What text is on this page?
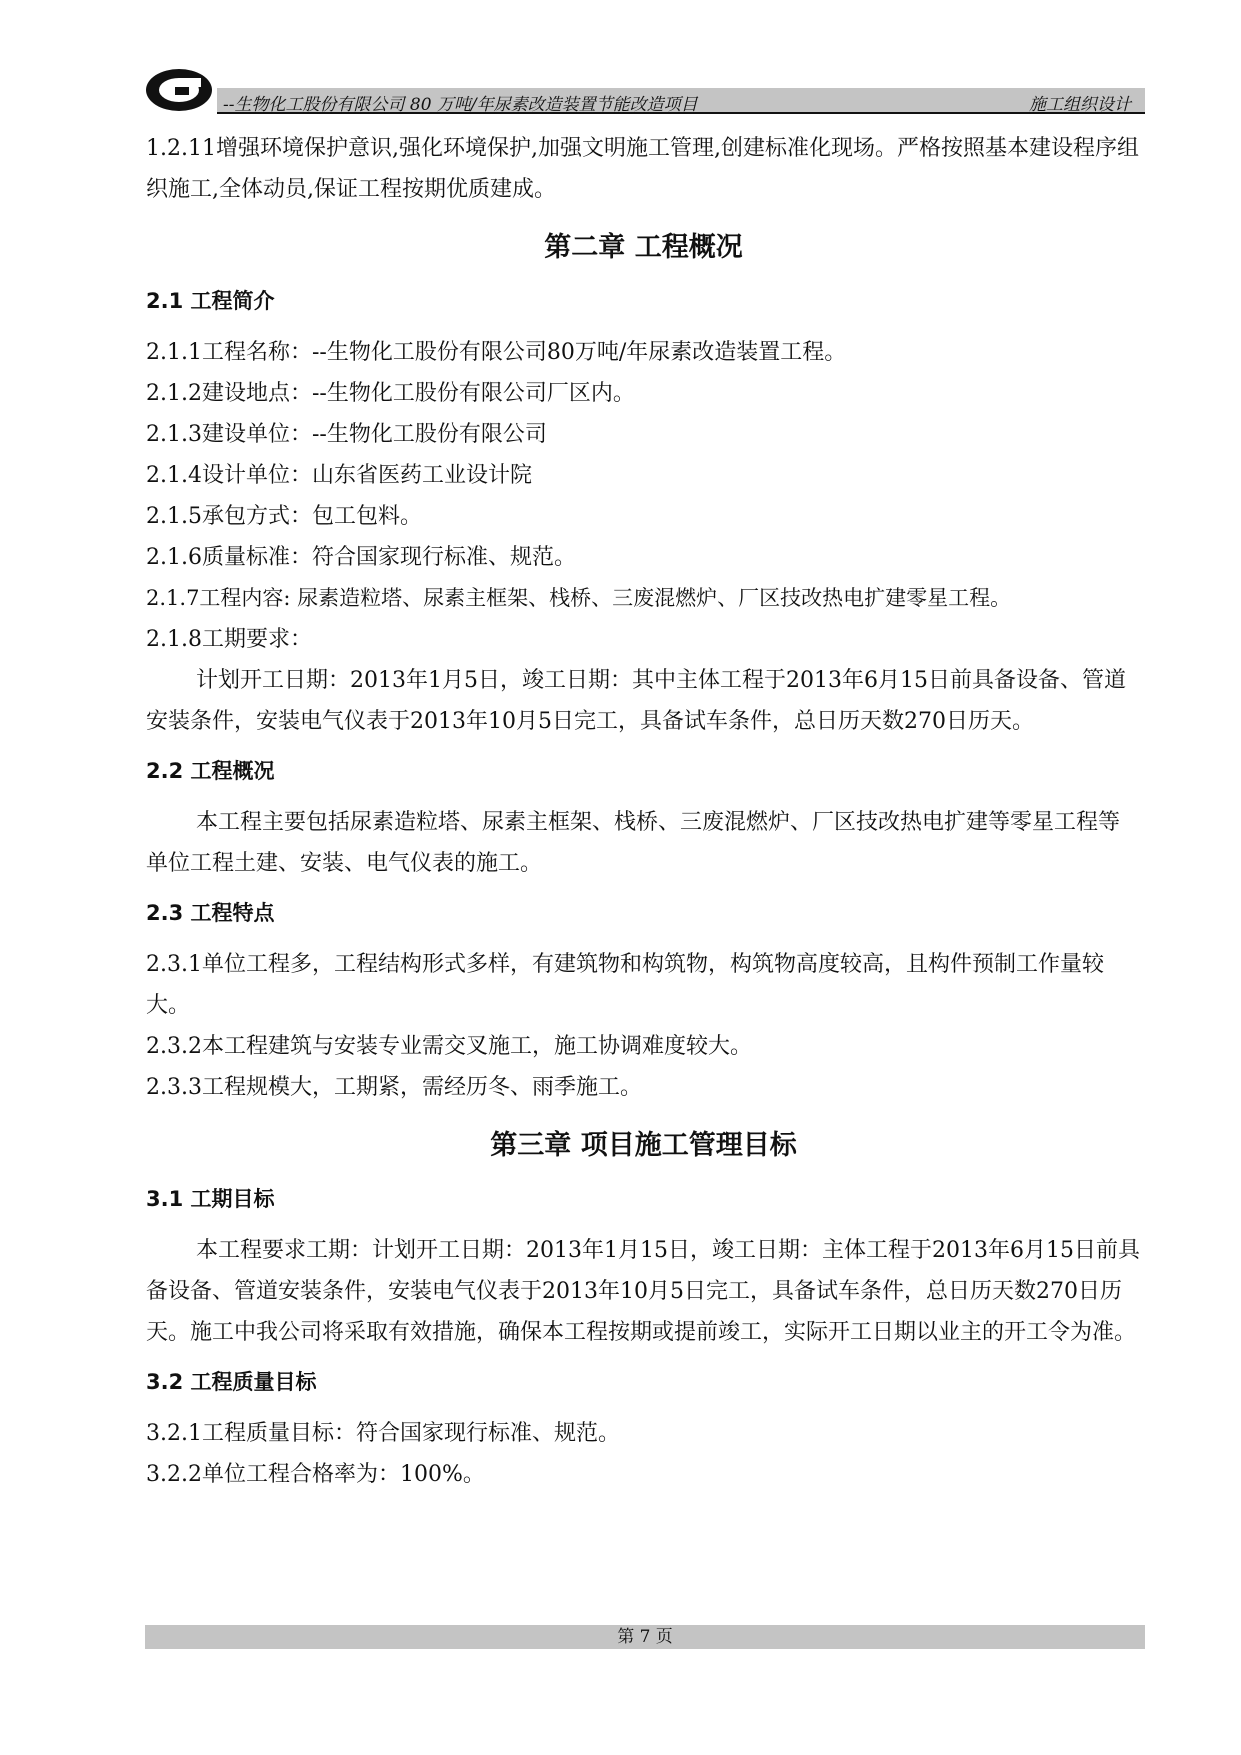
--生物化工股份有限公司 80 万吨/年尿素改造装置节能改造项目	施工组织设计

1.2.11增强环境保护意识,强化环境保护,加强文明施工管理,创建标准化现场。严格按照基本建设程序组织施工,全体动员,保证工程按期优质建成。

第二章 工程概况
2.1 工程简介

2.1.1工程名称：--生物化工股份有限公司80万吨/年尿素改造装置工程。

2.1.2建设地点：--生物化工股份有限公司厂区内。

2.1.3建设单位：--生物化工股份有限公司

2.1.4设计单位：山东省医药工业设计院

2.1.5承包方式：包工包料。

2.1.6质量标准：符合国家现行标准、规范。

2.1.7工程内容: 尿素造粒塔、尿素主框架、栈桥、三废混燃炉、厂区技改热电扩建零星工程。

2.1.8工期要求：

计划开工日期：2013年1月5日，竣工日期：其中主体工程于2013年6月15日前具备设备、管道安装条件，安装电气仪表于2013年10月5日完工，具备试车条件，总日历天数270日历天。

2.2 工程概况

本工程主要包括尿素造粒塔、尿素主框架、栈桥、三废混燃炉、厂区技改热电扩建等零星工程等单位工程土建、安装、电气仪表的施工。

2.3 工程特点

2.3.1单位工程多，工程结构形式多样，有建筑物和构筑物，构筑物高度较高，且构件预制工作量较大。

2.3.2本工程建筑与安装专业需交叉施工，施工协调难度较大。

2.3.3工程规模大，工期紧，需经历冬、雨季施工。

第三章 项目施工管理目标
3.1 工期目标

本工程要求工期：计划开工日期：2013年1月15日，竣工日期：主体工程于2013年6月15日前具备设备、管道安装条件，安装电气仪表于2013年10月5日完工，具备试车条件，总日历天数270日历天。施工中我公司将采取有效措施，确保本工程按期或提前竣工，实际开工日期以业主的开工令为准。

3.2 工程质量目标

3.2.1工程质量目标：符合国家现行标准、规范。

3.2.2单位工程合格率为：100%。

第 7 页
